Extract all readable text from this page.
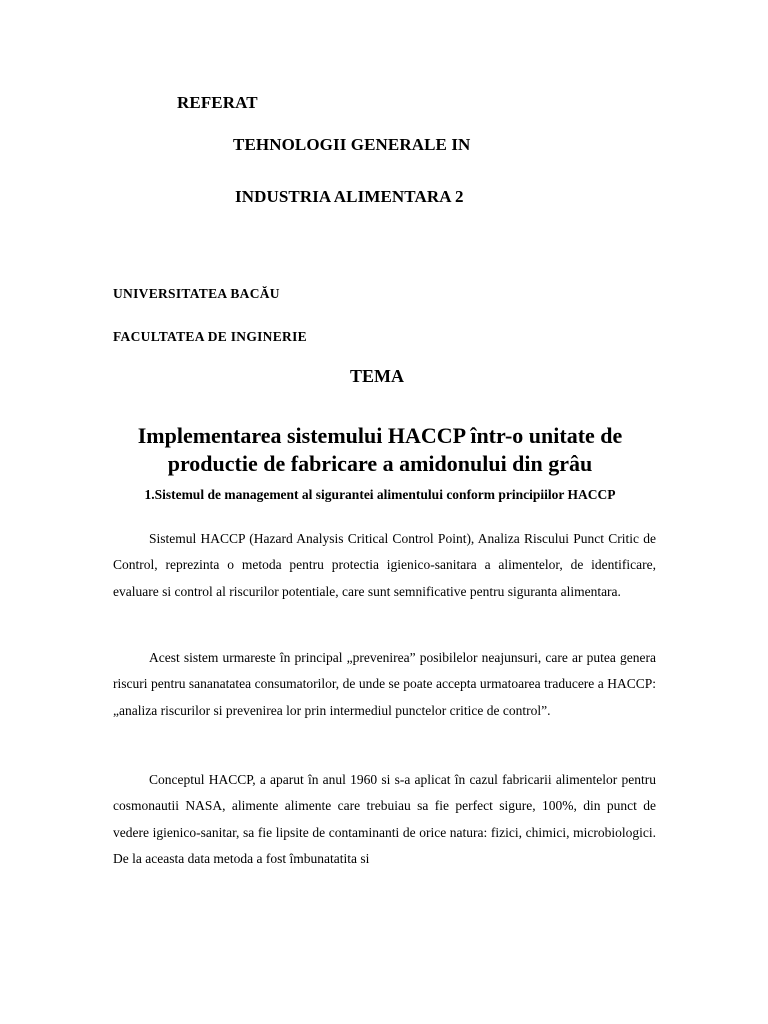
REFERAT

TEHNOLOGII GENERALE IN

INDUSTRIA ALIMENTARA 2

UNIVERSITATEA BACĂU

FACULTATEA DE INGINERIE

TEMA

Implementarea sistemului HACCP într-o unitate de productie de fabricare a amidonului din grâu

1.Sistemul de management al sigurantei alimentului conform principiilor HACCP

Sistemul HACCP (Hazard Analysis Critical Control Point), Analiza Riscului Punct Critic de Control, reprezinta o metoda pentru protectia igienico-sanitara a alimentelor, de identificare, evaluare si control al riscurilor potentiale, care sunt semnificative pentru siguranta alimentara.

Acest sistem urmareste în principal „prevenirea” posibilelor neajunsuri, care ar putea genera riscuri pentru sananatatea consumatorilor, de unde se poate accepta urmatoarea traducere a HACCP: „analiza riscurilor si prevenirea lor prin intermediul punctelor critice de control”.

Conceptul HACCP, a aparut în anul 1960 si s-a aplicat în cazul fabricarii alimentelor pentru cosmonautii NASA, alimente alimente care trebuiau sa fie perfect sigure, 100%, din punct de vedere igienico-sanitar, sa fie lipsite de contaminanti de orice natura: fizici, chimici, microbiologici. De la aceasta data metoda a fost îmbunatatita si
